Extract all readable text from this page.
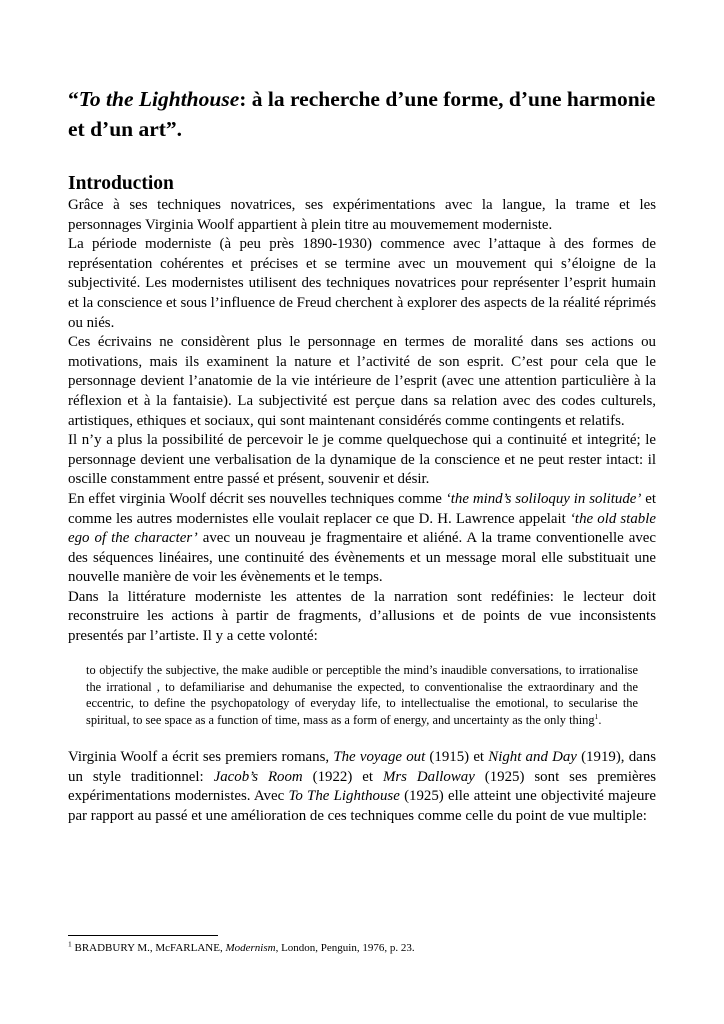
“To the Lighthouse: à la recherche d’une forme, d’une harmonie et d’un art”.
Introduction

Grâce à ses techniques novatrices, ses expérimentations avec la langue, la trame et les personnages Virginia Woolf appartient à plein titre au mouvemement moderniste.

La période moderniste (à peu près 1890-1930) commence avec l’attaque à des formes de représentation cohérentes et précises et se termine avec un mouvement qui s’éloigne de la subjectivité. Les modernistes utilisent des techniques novatrices pour représenter l’esprit humain et la conscience et sous l’influence de Freud cherchent à explorer des aspects de la réalité réprimés ou niés.

Ces écrivains ne considèrent plus le personnage en termes de moralité dans ses actions ou motivations, mais ils examinent la nature et l’activité de son esprit. C’est pour cela que le personnage devient l’anatomie de la vie intérieure de l’esprit (avec une attention particulière à la réflexion et à la fantaisie). La subjectivité est perçue dans sa relation avec des codes culturels, artistiques, ethiques et sociaux, qui sont maintenant considérés comme contingents et relatifs.

Il n’y a plus la possibilité de percevoir le je comme quelquechose qui a continuité et integrité; le personnage devient une verbalisation de la dynamique de la conscience et ne peut rester intact: il oscille constamment entre passé et présent, souvenir et désir.

En effet virginia Woolf décrit ses nouvelles techniques comme ‘the mind’s soliloquy in solitude’ et comme les autres modernistes elle voulait replacer ce que D. H. Lawrence appelait ‘the old stable ego of the character’ avec un nouveau je fragmentaire et aliéné. A la trame conventionelle avec des séquences linéaires, une continuité des évènements et un message moral elle substituait une nouvelle manière de voir les évènements et le temps.

Dans la littérature moderniste les attentes de la narration sont redéfinies: le lecteur doit reconstruire les actions à partir de fragments, d’allusions et de points de vue inconsistents presentés par l’artiste. Il y a cette volonté:

to objectify the subjective, the make audible or perceptible the mind’s inaudible conversations, to irrationalise the irrational , to defamiliarise and dehumanise the expected, to conventionalise the extraordinary and the eccentric, to define the psychopatology of everyday life, to intellectualise the emotional, to secularise the spiritual, to see space as a function of time, mass as a form of energy, and uncertainty as the only thing$^1$.

Virginia Woolf a écrit ses premiers romans, The voyage out (1915) et Night and Day (1919), dans un style traditionnel: Jacob’s Room (1922) et Mrs Dalloway (1925) sont ses premières expérimentations modernistes. Avec To The Lighthouse (1925) elle atteint une objectivité majeure par rapport au passé et une amélioration de ces techniques comme celle du point de vue multiple:

$^1$ BRADBURY M., McFARLANE, Modernism, London, Penguin, 1976, p. 23.
